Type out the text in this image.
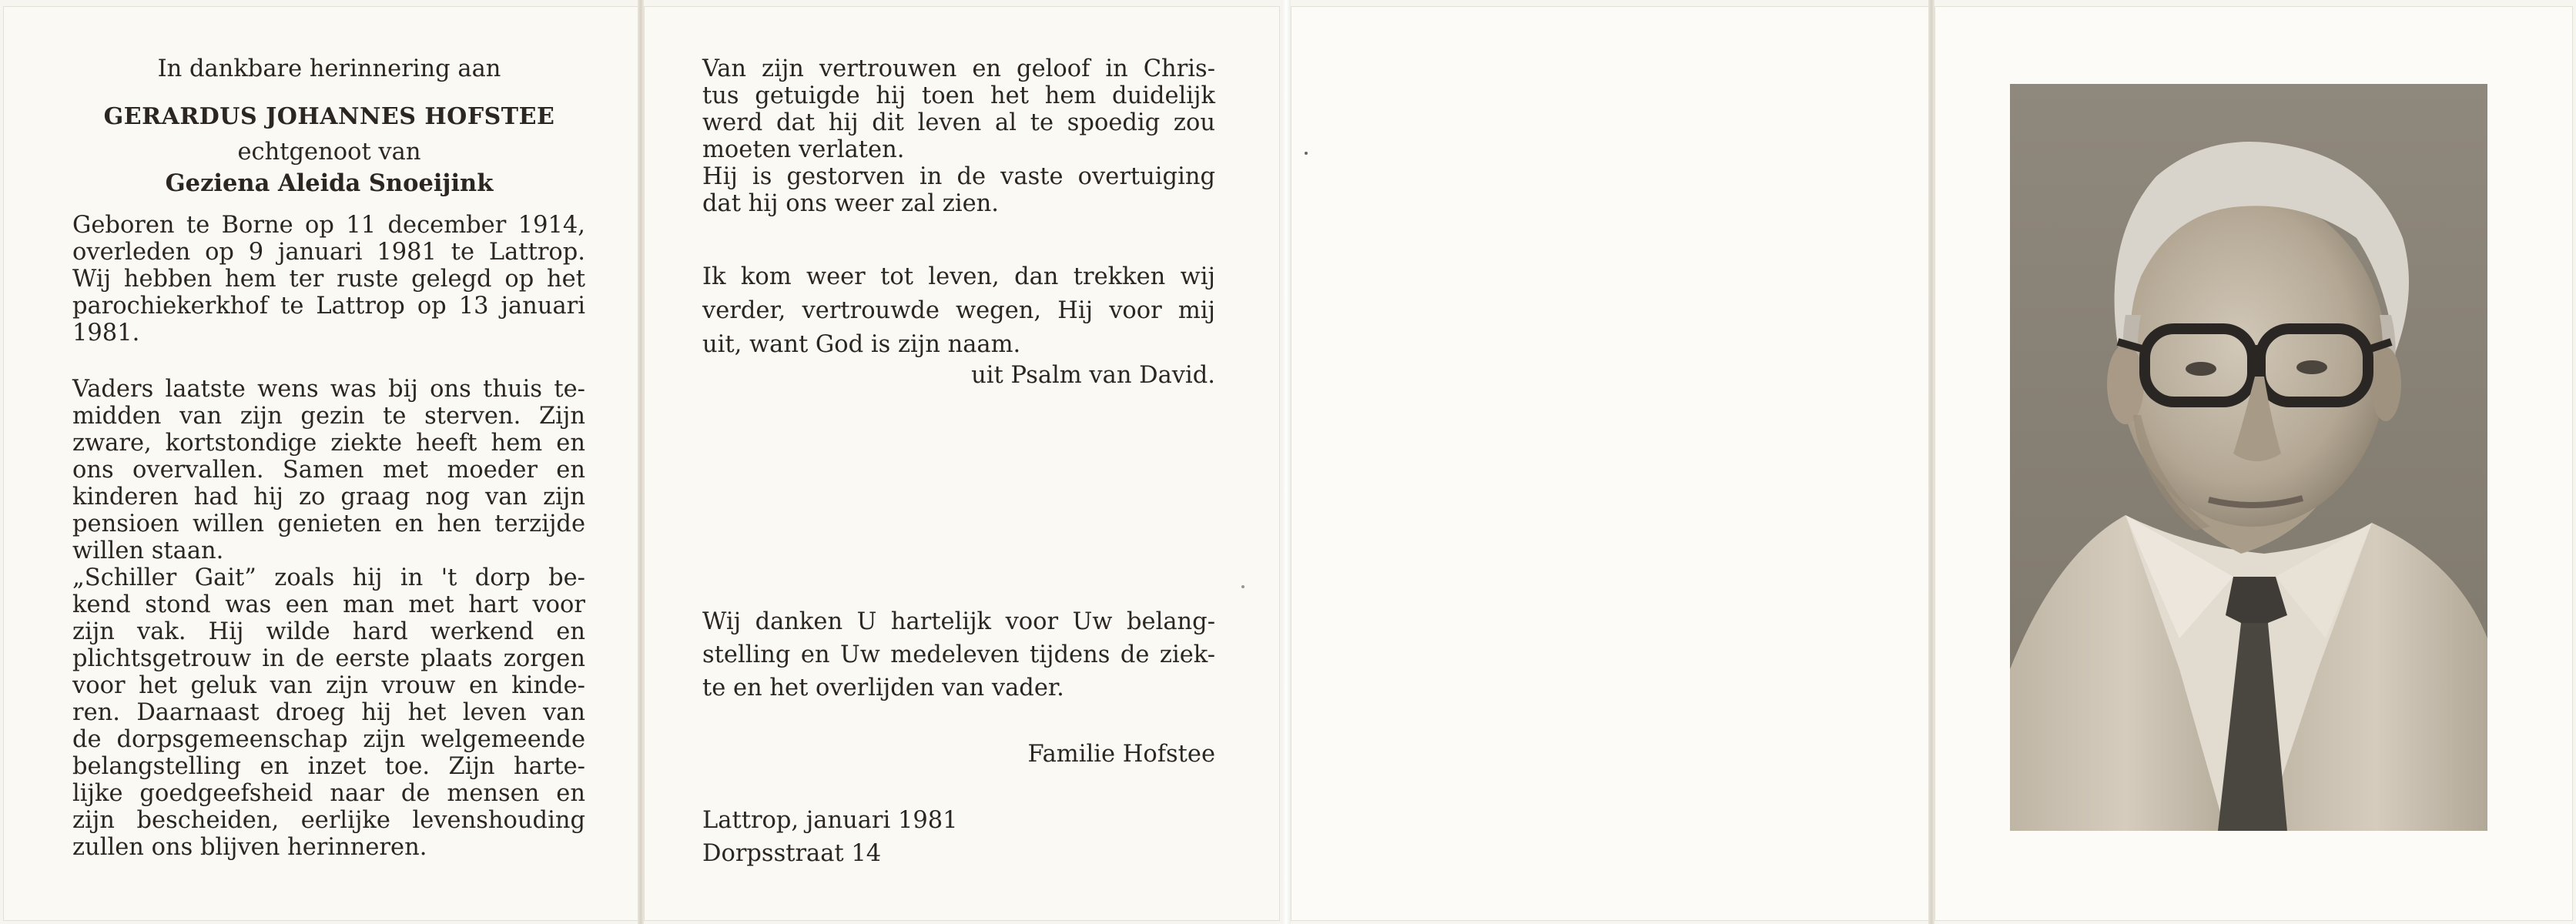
In dankbare herinnering aan
GERARDUS JOHANNES HOFSTEE
echtgenoot van
Geziena Aleida Snoeijink
Geboren te Borne op 11 december 1914,
overleden op 9 januari 1981 te Lattrop.
Wij hebben hem ter ruste gelegd op het
parochiekerkhof te Lattrop op 13 januari
1981.
Vaders laatste wens was bij ons thuis te-
midden van zijn gezin te sterven. Zijn
zware, kortstondige ziekte heeft hem en
ons overvallen. Samen met moeder en
kinderen had hij zo graag nog van zijn
pensioen willen genieten en hen terzijde
willen staan.
„Schiller Gait” zoals hij in 't dorp be-
kend stond was een man met hart voor
zijn vak. Hij wilde hard werkend en
plichtsgetrouw in de eerste plaats zorgen
voor het geluk van zijn vrouw en kinde-
ren. Daarnaast droeg hij het leven van
de dorpsgemeenschap zijn welgemeende
belangstelling en inzet toe. Zijn harte-
lijke goedgeefsheid naar de mensen en
zijn bescheiden, eerlijke levenshouding
zullen ons blijven herinneren.
Van zijn vertrouwen en geloof in Chris-
tus getuigde hij toen het hem duidelijk
werd dat hij dit leven al te spoedig zou
moeten verlaten.
Hij is gestorven in de vaste overtuiging
dat hij ons weer zal zien.
Ik kom weer tot leven, dan trekken wij
verder, vertrouwde wegen, Hij voor mij
uit, want God is zijn naam.
uit Psalm van David.
Wij danken U hartelijk voor Uw belang-
stelling en Uw medeleven tijdens de ziek-
te en het overlijden van vader.
Familie Hofstee
Lattrop, januari 1981
Dorpsstraat 14
